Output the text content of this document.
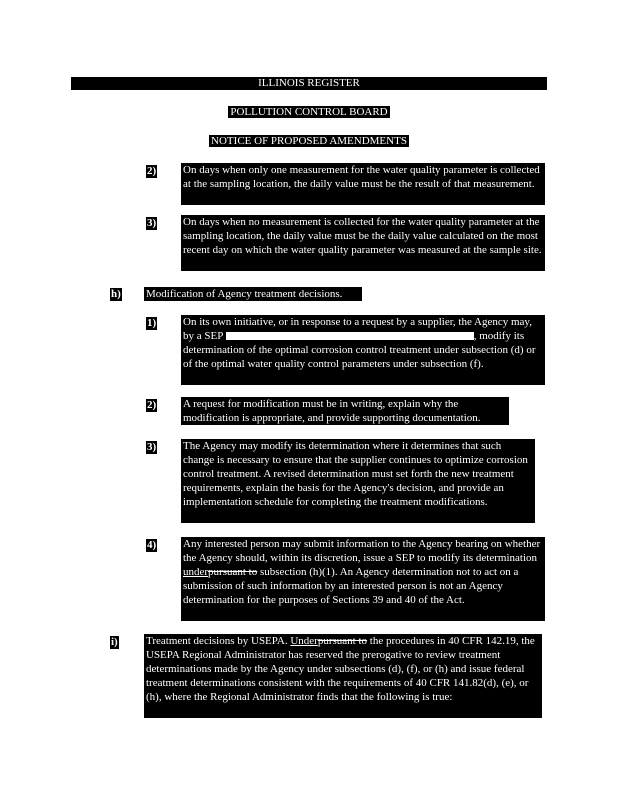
ILLINOIS REGISTER
POLLUTION CONTROL BOARD
NOTICE OF PROPOSED AMENDMENTS
2) On days when only one measurement for the water quality parameter is collected at the sampling location, the daily value must be the result of that measurement.

3) On days when no measurement is collected for the water quality parameter at the sampling location, the daily value must be the daily value calculated on the most recent day on which the water quality parameter was measured at the sample site.

h) Modification of Agency treatment decisions.

1) On its own initiative, or in response to a request by a supplier, the Agency may, by a SEP	, modify its determination of the optimal corrosion control treatment under subsection (d) or of the optimal water quality control parameters under subsection (f).

2) A request for modification must be in writing, explain why the modification is appropriate, and provide supporting documentation.

3) The Agency may modify its determination where it determines that such change is necessary to ensure that the supplier continues to optimize corrosion control treatment. A revised determination must set forth the new treatment requirements, explain the basis for the Agency's decision, and provide an implementation schedule for completing the treatment modifications.

4) Any interested person may submit information to the Agency bearing on whether the Agency should, within its discretion, issue a SEP to modify its determination underpursuant to subsection (h)(1). An Agency determination not to act on a submission of such information by an interested person is not an Agency determination for the purposes of Sections 39 and 40 of the Act.

i)	Treatment decisions by USEPA. Underpursuant to the procedures in 40 CFR 142.19, the USEPA Regional Administrator has reserved the prerogative to review treatment determinations made by the Agency under subsections (d), (f), or (h) and issue federal treatment determinations consistent with the requirements of 40 CFR 141.82(d), (e), or (h), where the Regional Administrator finds that the following is true:
